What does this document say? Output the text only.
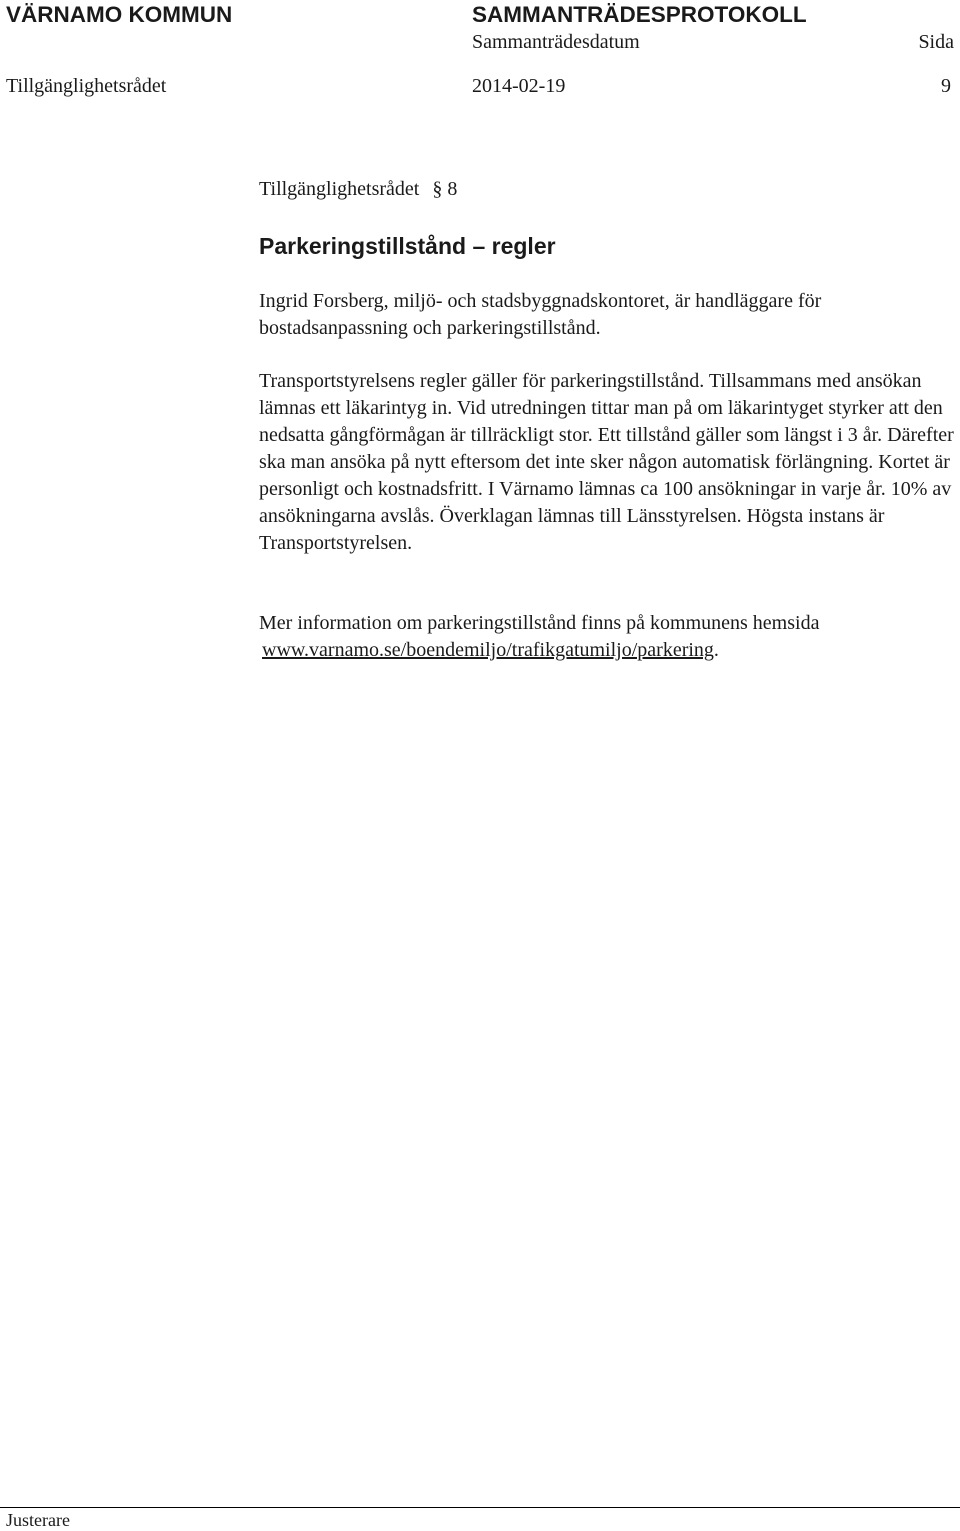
VÄRNAMO KOMMUN	SAMMANTRÄDESPROTOKOLL
Sammanträdesdatum	Sida
Tillgänglighetsrådet	2014-02-19	9
Tillgänglighetsrådet § 8
Parkeringstillstånd – regler

Ingrid Forsberg, miljö- och stadsbyggnadskontoret, är handläggare för bostadsanpassning och parkeringstillstånd.

Transportstyrelsens regler gäller för parkeringstillstånd. Tillsammans med ansökan lämnas ett läkarintyg in. Vid utredningen tittar man på om läkarintyget styrker att den nedsatta gångförmågan är tillräckligt stor. Ett tillstånd gäller som längst i 3 år. Därefter ska man ansöka på nytt eftersom det inte sker någon automatisk förlängning. Kortet är personligt och kostnadsfritt. I Värnamo lämnas ca 100 ansökningar in varje år. 10% av ansökningarna avslås. Överklagan lämnas till Länsstyrelsen. Högsta instans är Transportstyrelsen.

Mer information om parkeringstillstånd finns på kommunens hemsida
www.varnamo.se/boendemiljo/trafikgatumiljo/parkering.

Justerare
